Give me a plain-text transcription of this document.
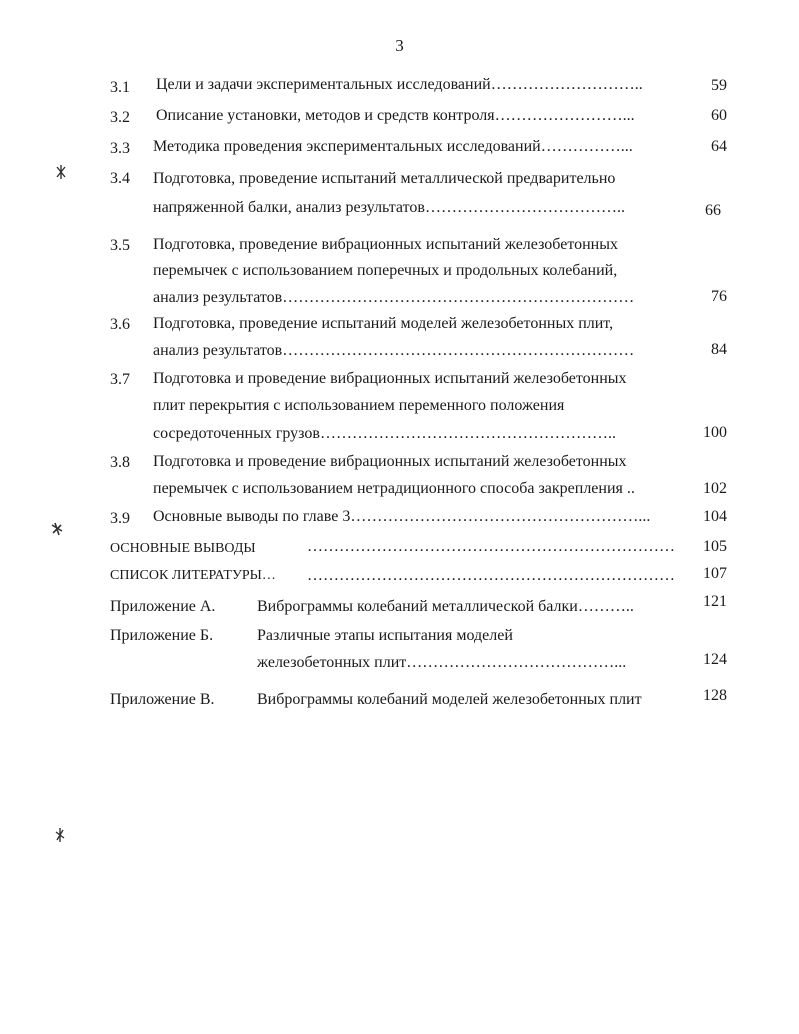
3
3.1 Цели и задачи экспериментальных исследований………………………..	59
3.2 Описание установки, методов и средств контроля……………………...	60
3.3 Методика проведения экспериментальных исследований……………...	64
3.4 Подготовка, проведение испытаний металлической предварительно
напряженной балки, анализ результатов………………………………..	66
3.5 Подготовка, проведение вибрационных испытаний железобетонных
перемычек с использованием поперечных и продольных колебаний,
анализ результатов…………………………………………………………	76
3.6 Подготовка, проведение испытаний моделей железобетонных плит,
анализ результатов…………………………………………………………	84
3.7 Подготовка и проведение вибрационных испытаний железобетонных
плит перекрытия с использованием переменного положения
сосредоточенных грузов………………………………………………..	100
3.8 Подготовка и проведение вибрационных испытаний железобетонных
перемычек с использованием нетрадиционного способа закрепления ..	102
3.9 Основные выводы по главе 3………………………………………………...	104
ОСНОВНЫЕ ВЫВОДЫ	……………………………………………………………	105
СПИСОК ЛИТЕРАТУРЫ… ……………………………………………………………	107
Приложение А.	Виброграммы колебаний металлической балки………..	121
Приложение Б.	Различные этапы испытания моделей
железобетонных плит…………………………………...	124
Приложение В.	Виброграммы колебаний моделей железобетонных плит	128
